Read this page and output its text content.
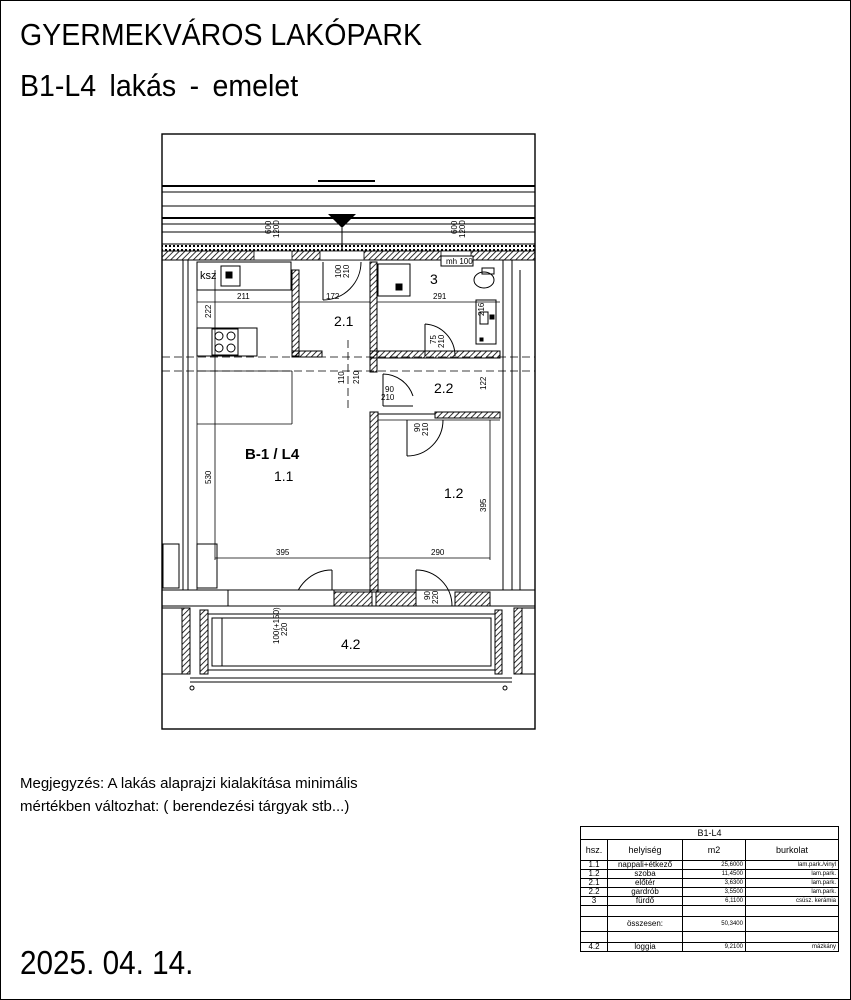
GYERMEKVÁROS LAKÓPARK
B1-L4 lakás - emelet
ksz
mh 100
B-1 / L4
1.1
1.2
2.1
2.2
3
4.2
211	172	291
395	290
222
530
395
122
600 1200	600 1200
100 210
110 210
75 210
90 210
216
90 220
100(+150) 220
90
210
Megjegyzés: A lakás alaprajzi kialakítása minimális
mértékben változhat: ( berendezési tárgyak stb...)
2025. 04. 14.
B1-L4			
hsz.	helyiség	m2	burkolat
1.1	nappali+étkező	25,6000	lam.park./vinyl
1.2	szoba	11,4500	lam.park.
2.1	előtér	3,6300	lam.park.
2.2	gardrób	3,5500	lam.park.
3	fürdő	6,1100	csúsz. kerámia

	összesen:	50,3400	

4.2	loggia	9,2100	mázkány
